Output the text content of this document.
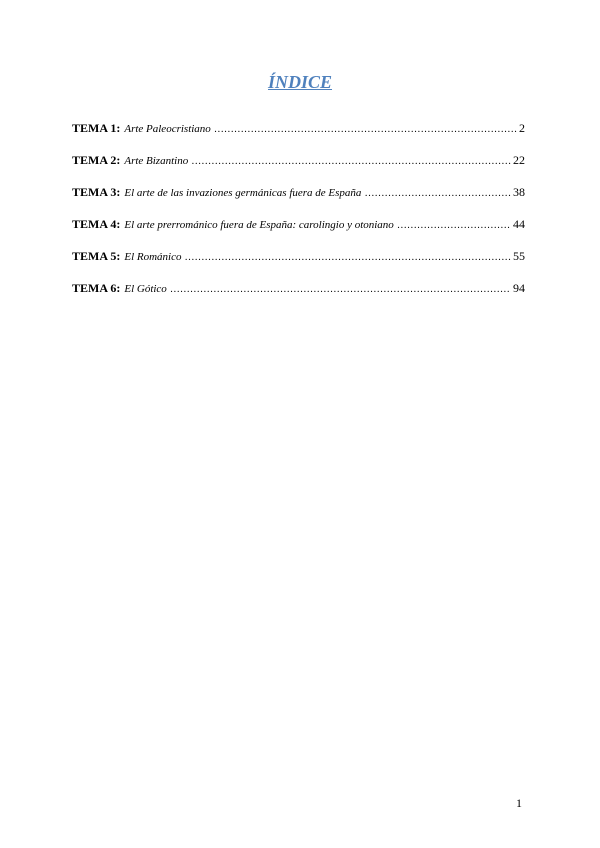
ÍNDICE
TEMA 1: Arte Paleocristiano ……………………………………………………………………………………………………………………………………………………………………………………	2
TEMA 2: Arte Bizantino ……………………………………………………………………………………………………………………………………………………………………………………	22
TEMA 3: El arte de las invaziones germánicas fuera de España ……………………………………………………………………………………………………………………………………………………………………………………	38
TEMA 4: El arte prerrománico fuera de España: carolingio y otoniano ……………………………………………………………………………………………………………………………………………………………………………………	44
TEMA 5: El Románico ……………………………………………………………………………………………………………………………………………………………………………………	55
TEMA 6: El Gótico ……………………………………………………………………………………………………………………………………………………………………………………	94
1
